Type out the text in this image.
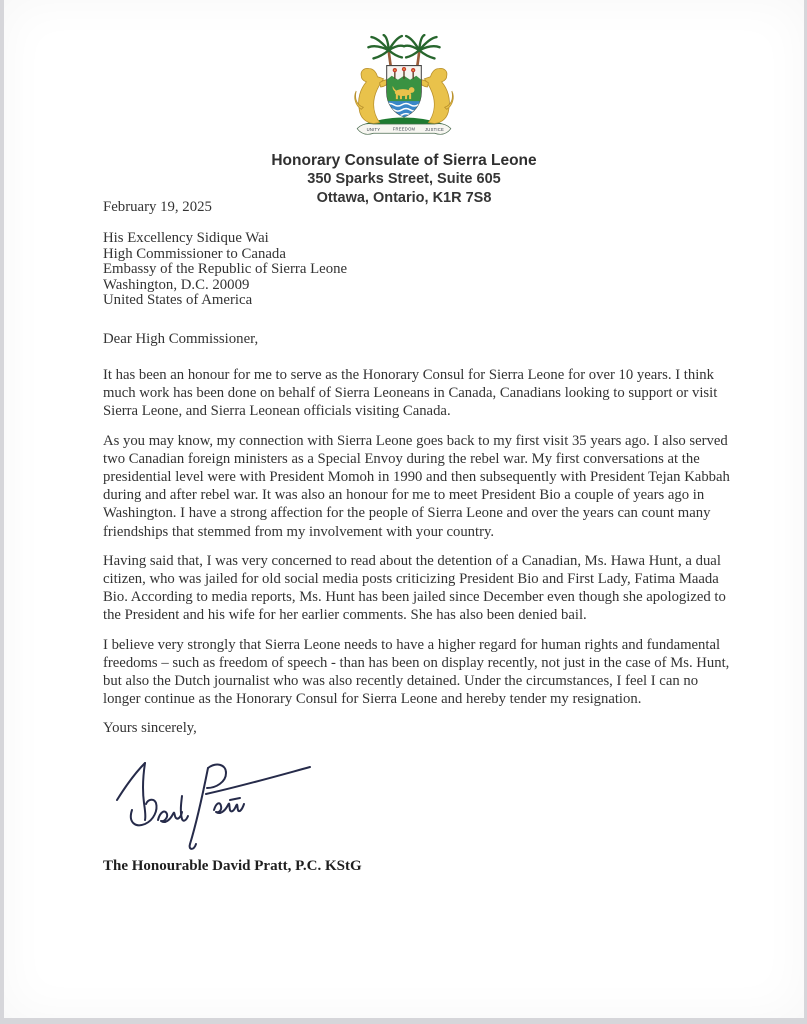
UNITY	FREEDOM JUSTICE
Honorary Consulate of Sierra Leone
350 Sparks Street, Suite 605
Ottawa, Ontario, K1R 7S8
February 19, 2025
His Excellency Sidique Wai
High Commissioner to Canada
Embassy of the Republic of Sierra Leone
Washington, D.C. 20009
United States of America
Dear High Commissioner,

It has been an honour for me to serve as the Honorary Consul for Sierra Leone for over 10 years. I think much work has been done on behalf of Sierra Leoneans in Canada, Canadians looking to support or visit Sierra Leone, and Sierra Leonean officials visiting Canada.

As you may know, my connection with Sierra Leone goes back to my first visit 35 years ago. I also served two Canadian foreign ministers as a Special Envoy during the rebel war. My first conversations at the presidential level were with President Momoh in 1990 and then subsequently with President Tejan Kabbah during and after rebel war. It was also an honour for me to meet President Bio a couple of years ago in Washington. I have a strong affection for the people of Sierra Leone and over the years can count many friendships that stemmed from my involvement with your country.

Having said that, I was very concerned to read about the detention of a Canadian, Ms. Hawa Hunt, a dual citizen, who was jailed for old social media posts criticizing President Bio and First Lady, Fatima Maada Bio. According to media reports, Ms. Hunt has been jailed since December even though she apologized to the President and his wife for her earlier comments. She has also been denied bail.

I believe very strongly that Sierra Leone needs to have a higher regard for human rights and fundamental freedoms – such as freedom of speech - than has been on display recently, not just in the case of Ms. Hunt, but also the Dutch journalist who was also recently detained. Under the circumstances, I feel I can no longer continue as the Honorary Consul for Sierra Leone and hereby tender my resignation.

Yours sincerely,

The Honourable David Pratt, P.C. KStG
